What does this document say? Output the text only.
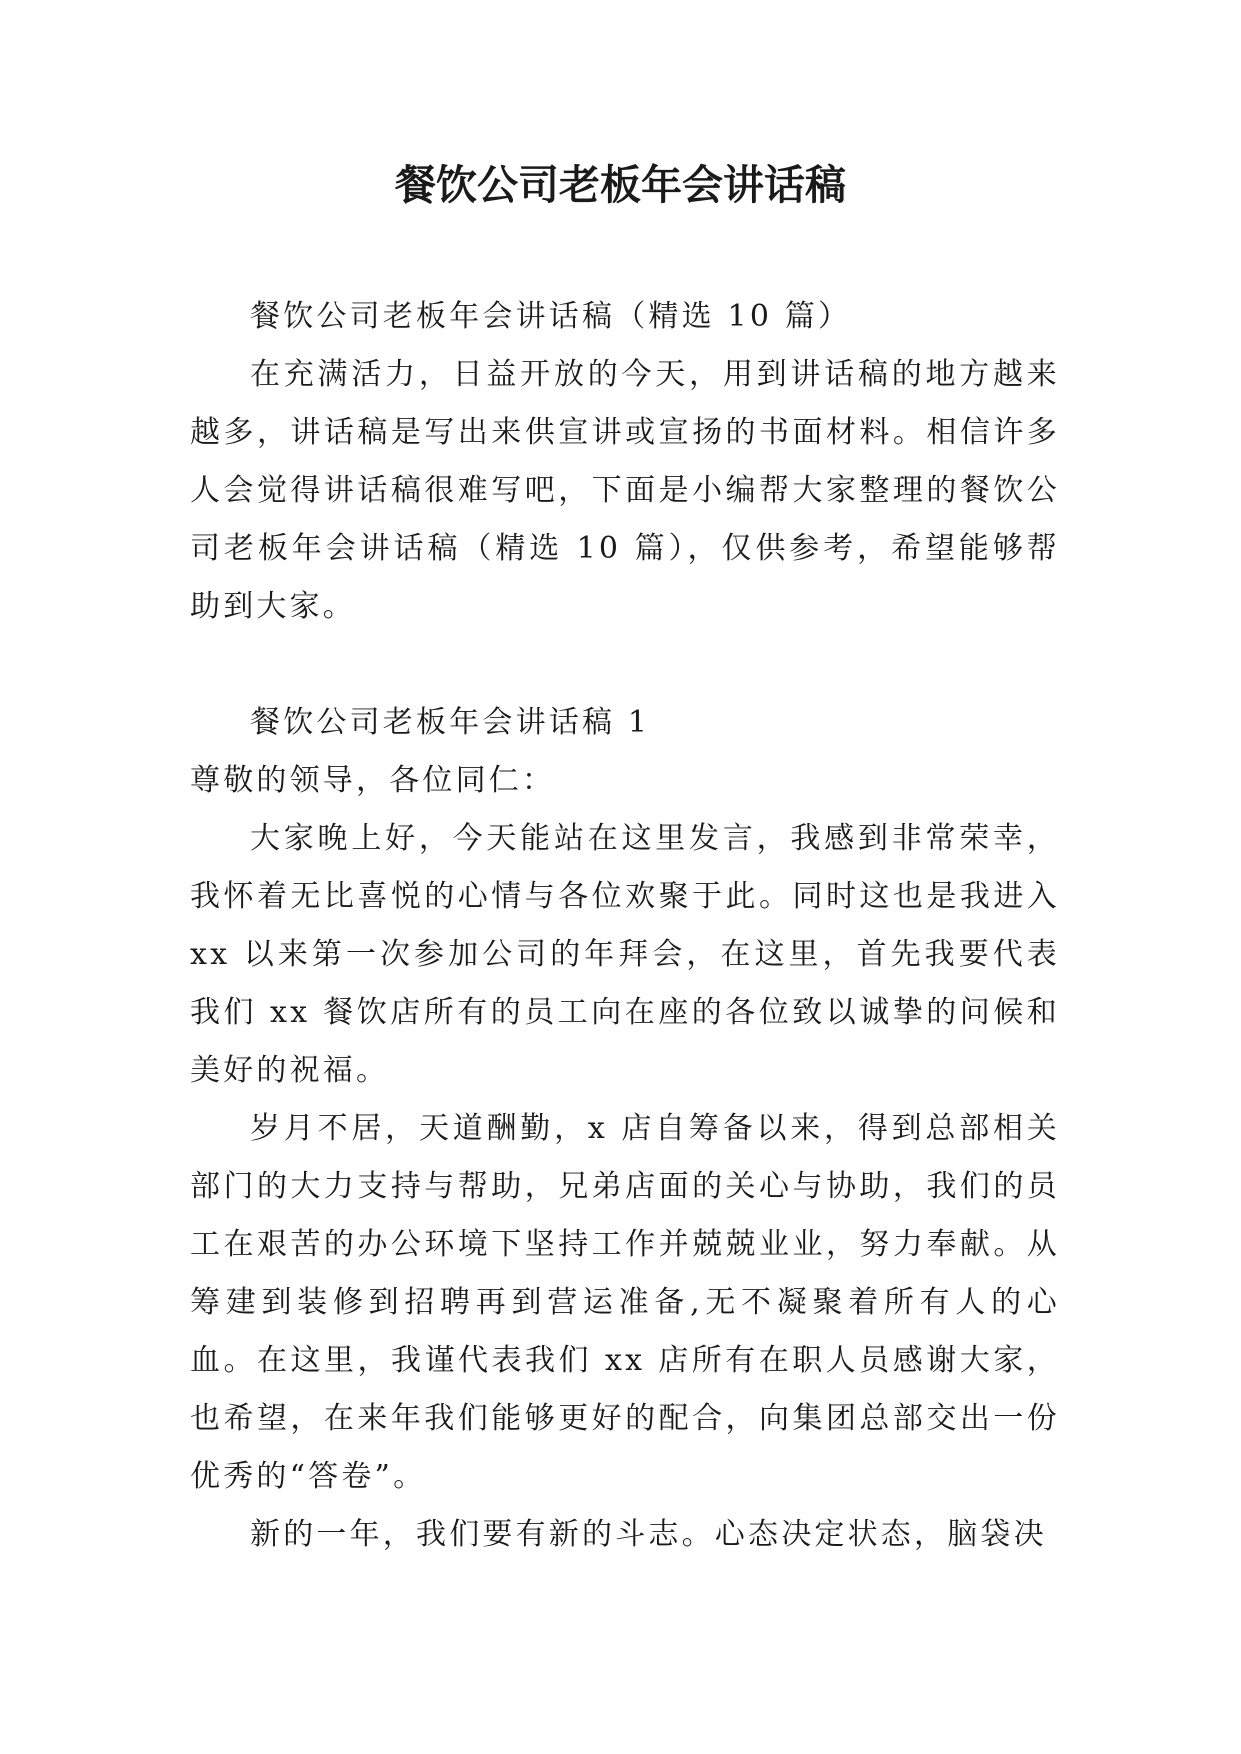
餐饮公司老板年会讲话稿

餐饮公司老板年会讲话稿（精选 10 篇）

在充满活力，日益开放的今天，用到讲话稿的地方越来越多，讲话稿是写出来供宣讲或宣扬的书面材料。相信许多人会觉得讲话稿很难写吧，下面是小编帮大家整理的餐饮公司老板年会讲话稿（精选 10 篇），仅供参考，希望能够帮助到大家。

餐饮公司老板年会讲话稿 1

尊敬的领导，各位同仁：

大家晚上好，今天能站在这里发言，我感到非常荣幸，我怀着无比喜悦的心情与各位欢聚于此。同时这也是我进入 xx 以来第一次参加公司的年拜会，在这里，首先我要代表我们 xx 餐饮店所有的员工向在座的各位致以诚挚的问候和美好的祝福。

岁月不居，天道酬勤，x 店自筹备以来，得到总部相关部门的大力支持与帮助，兄弟店面的关心与协助，我们的员工在艰苦的办公环境下坚持工作并兢兢业业，努力奉献。从筹建到装修到招聘再到营运准备,无不凝聚着所有人的心血。在这里，我谨代表我们 xx 店所有在职人员感谢大家，也希望，在来年我们能够更好的配合，向集团总部交出一份优秀的“答卷”。

新的一年，我们要有新的斗志。心态决定状态，脑袋决
